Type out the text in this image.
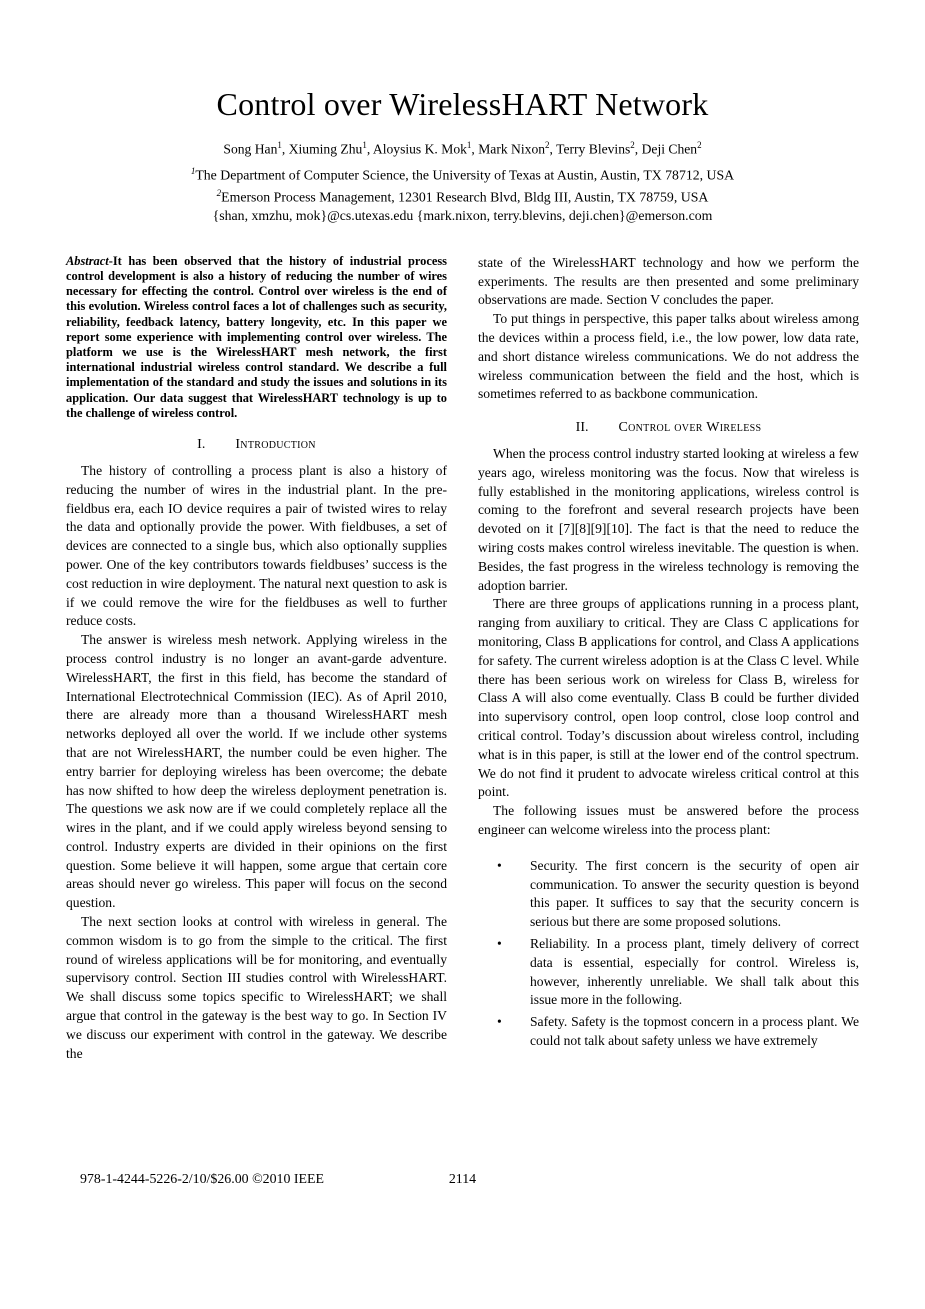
Control over WirelessHART Network
Song Han$^1$, Xiuming Zhu$^1$, Aloysius K. Mok$^1$, Mark Nixon$^2$, Terry Blevins$^2$, Deji Chen$^2$
$^1$The Department of Computer Science, the University of Texas at Austin, Austin, TX 78712, USA
$^2$Emerson Process Management, 12301 Research Blvd, Bldg III, Austin, TX 78759, USA
{shan, xmzhu, mok}@cs.utexas.edu {mark.nixon, terry.blevins, deji.chen}@emerson.com

Abstract-It has been observed that the history of industrial process control development is also a history of reducing the number of wires necessary for effecting the control. Control over wireless is the end of this evolution. Wireless control faces a lot of challenges such as security, reliability, feedback latency, battery longevity, etc. In this paper we report some experience with implementing control over wireless. The platform we use is the WirelessHART mesh network, the first international industrial wireless control standard. We describe a full implementation of the standard and study the issues and solutions in its application. Our data suggest that WirelessHART technology is up to the challenge of wireless control.

I. Introduction

The history of controlling a process plant is also a history of reducing the number of wires in the industrial plant. In the pre-fieldbus era, each IO device requires a pair of twisted wires to relay the data and optionally provide the power. With fieldbuses, a set of devices are connected to a single bus, which also optionally supplies power. One of the key contributors towards fieldbuses’ success is the cost reduction in wire deployment. The natural next question to ask is if we could remove the wire for the fieldbuses as well to further reduce costs.

The answer is wireless mesh network. Applying wireless in the process control industry is no longer an avant-garde adventure. WirelessHART, the first in this field, has become the standard of International Electrotechnical Commission (IEC). As of April 2010, there are already more than a thousand WirelessHART mesh networks deployed all over the world. If we include other systems that are not WirelessHART, the number could be even higher. The entry barrier for deploying wireless has been overcome; the debate has now shifted to how deep the wireless deployment penetration is. The questions we ask now are if we could completely replace all the wires in the plant, and if we could apply wireless beyond sensing to control. Industry experts are divided in their opinions on the first question. Some believe it will happen, some argue that certain core areas should never go wireless. This paper will focus on the second question.

The next section looks at control with wireless in general. The common wisdom is to go from the simple to the critical. The first round of wireless applications will be for monitoring, and eventually supervisory control. Section III studies control with WirelessHART. We shall discuss some topics specific to WirelessHART; we shall argue that control in the gateway is the best way to go. In Section IV we discuss our experiment with control in the gateway. We describe the

state of the WirelessHART technology and how we perform the experiments. The results are then presented and some preliminary observations are made. Section V concludes the paper.

To put things in perspective, this paper talks about wireless among the devices within a process field, i.e., the low power, low data rate, and short distance wireless communications. We do not address the wireless communication between the field and the host, which is sometimes referred to as backbone communication.

II. Control over Wireless

When the process control industry started looking at wireless a few years ago, wireless monitoring was the focus. Now that wireless is fully established in the monitoring applications, wireless control is coming to the forefront and several research projects have been devoted on it [7][8][9][10]. The fact is that the need to reduce the wiring costs makes control wireless inevitable. The question is when. Besides, the fast progress in the wireless technology is removing the adoption barrier.

There are three groups of applications running in a process plant, ranging from auxiliary to critical. They are Class C applications for monitoring, Class B applications for control, and Class A applications for safety. The current wireless adoption is at the Class C level. While there has been serious work on wireless for Class B, wireless for Class A will also come eventually. Class B could be further divided into supervisory control, open loop control, close loop control and critical control. Today’s discussion about wireless control, including what is in this paper, is still at the lower end of the control spectrum. We do not find it prudent to advocate wireless critical control at this point.

The following issues must be answered before the process engineer can welcome wireless into the process plant:

• Security. The first concern is the security of open air communication. To answer the security question is beyond this paper. It suffices to say that the security concern is serious but there are some proposed solutions.
• Reliability. In a process plant, timely delivery of correct data is essential, especially for control. Wireless is, however, inherently unreliable. We shall talk about this issue more in the following.
• Safety. Safety is the topmost concern in a process plant. We could not talk about safety unless we have extremely
978-1-4244-5226-2/10/$26.00 ©2010 IEEE	2114
